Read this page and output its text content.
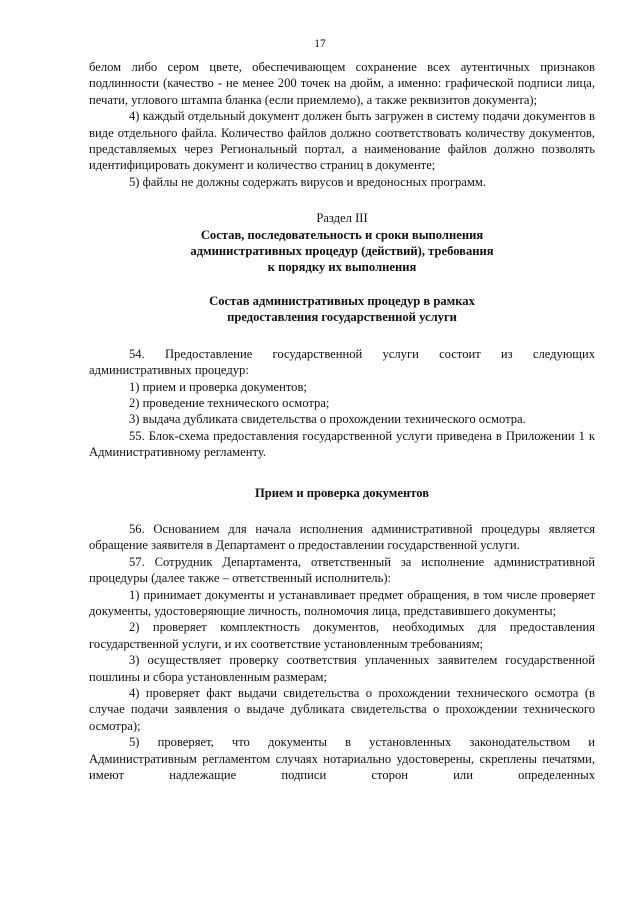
17

белом либо сером цвете, обеспечивающем сохранение всех аутентичных признаков подлинности (качество - не менее 200 точек на дюйм, а именно: графической подписи лица, печати, углового штампа бланка (если приемлемо), а также реквизитов документа);

4) каждый отдельный документ должен быть загружен в систему подачи документов в виде отдельного файла. Количество файлов должно соответствовать количеству документов, представляемых через Региональный портал, а наименование файлов должно позволять идентифицировать документ и количество страниц в документе;

5) файлы не должны содержать вирусов и вредоносных программ.

Раздел III

Состав, последовательность и сроки выполнения

административных процедур (действий), требования

к порядку их выполнения

Состав административных процедур в рамках

предоставления государственной услуги

54. Предоставление государственной услуги состоит из следующих административных процедур:

1) прием и проверка документов;

2) проведение технического осмотра;

3) выдача дубликата свидетельства о прохождении технического осмотра.

55. Блок-схема предоставления государственной услуги приведена в Приложении 1 к Административному регламенту.

Прием и проверка документов

56. Основанием для начала исполнения административной процедуры является обращение заявителя в Департамент о предоставлении государственной услуги.

57. Сотрудник Департамента, ответственный за исполнение административной процедуры (далее также – ответственный исполнитель):

1) принимает документы и устанавливает предмет обращения, в том числе проверяет документы, удостоверяющие личность, полномочия лица, представившего документы;

2) проверяет комплектность документов, необходимых для предоставления государственной услуги, и их соответствие установленным требованиям;

3) осуществляет проверку соответствия уплаченных заявителем государственной пошлины и сбора установленным размерам;

4) проверяет факт выдачи свидетельства о прохождении технического осмотра (в случае подачи заявления о выдаче дубликата свидетельства о прохождении технического осмотра);

5) проверяет, что документы в установленных законодательством и Административным регламентом случаях нотариально удостоверены, скреплены печатями, имеют надлежащие подписи сторон или определенных
